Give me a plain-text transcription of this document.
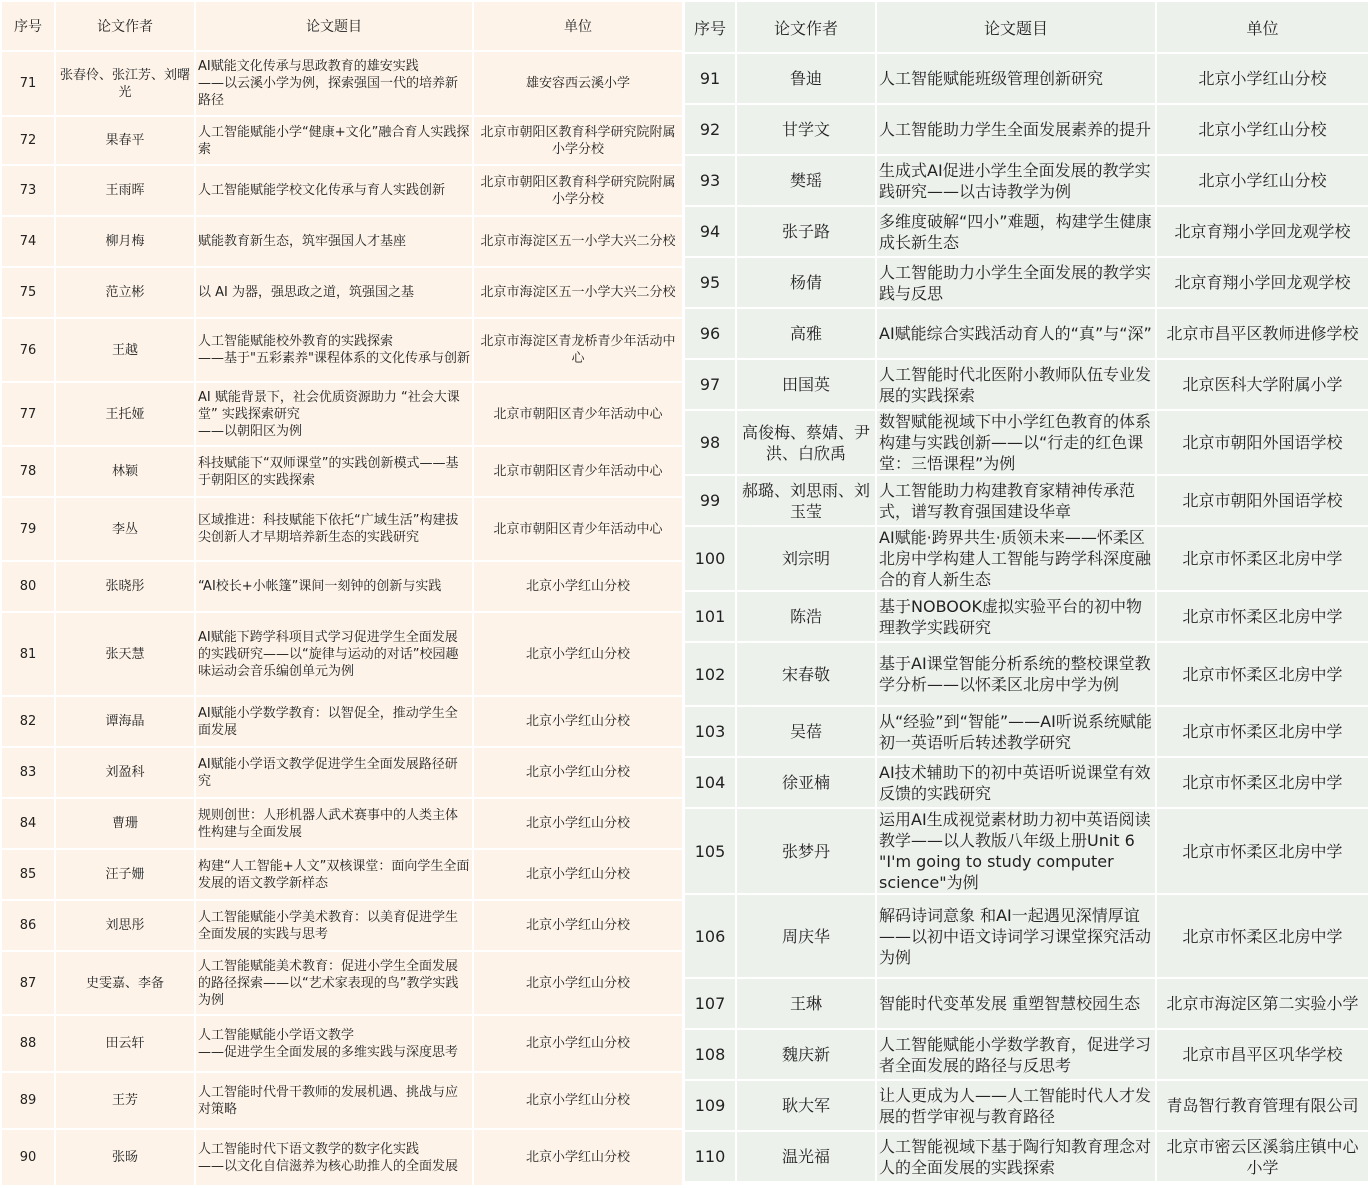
序号	论文作者	论文题目	单位
71	张春伶、张江芳、刘曙光	AI赋能文化传承与思政教育的雄安实践
——以云溪小学为例，探索强国一代的培养新路径	雄安容西云溪小学
72	果春平	人工智能赋能小学“健康+文化”融合育人实践探索	北京市朝阳区教育科学研究院附属小学分校
73	王雨晖	人工智能赋能学校文化传承与育人实践创新	北京市朝阳区教育科学研究院附属小学分校
74	柳月梅	赋能教育新生态，筑牢强国人才基座	北京市海淀区五一小学大兴二分校
75	范立彬	以 AI 为器，强思政之道，筑强国之基	北京市海淀区五一小学大兴二分校
76	王越	人工智能赋能校外教育的实践探索
——基于"五彩素养"课程体系的文化传承与创新	北京市海淀区青龙桥青少年活动中心
77	王托娅	AI 赋能背景下，社会优质资源助力 “社会大课堂” 实践探索研究
——以朝阳区为例	北京市朝阳区青少年活动中心
78	林颖	科技赋能下“双师课堂”的实践创新模式——基于朝阳区的实践探索	北京市朝阳区青少年活动中心
79	李丛	区域推进：科技赋能下依托“广域生活”构建拔尖创新人才早期培养新生态的实践研究	北京市朝阳区青少年活动中心
80	张晓彤	“AI校长+小帐篷”课间一刻钟的创新与实践	北京小学红山分校
81	张天慧	AI赋能下跨学科项目式学习促进学生全面发展的实践研究——以“旋律与运动的对话”校园趣味运动会音乐编创单元为例	北京小学红山分校
82	谭海晶	AI赋能小学数学教育：以智促全，推动学生全面发展	北京小学红山分校
83	刘盈科	AI赋能小学语文教学促进学生全面发展路径研究	北京小学红山分校
84	曹珊	规则创世：人形机器人武术赛事中的人类主体性构建与全面发展	北京小学红山分校
85	汪子姗	构建“人工智能+人文”双核课堂：面向学生全面发展的语文教学新样态	北京小学红山分校
86	刘思彤	人工智能赋能小学美术教育：以美育促进学生全面发展的实践与思考	北京小学红山分校
87	史雯嘉、李备	人工智能赋能美术教育：促进小学生全面发展的路径探索——以“艺术家表现的鸟”教学实践为例	北京小学红山分校
88	田云轩	人工智能赋能小学语文教学
——促进学生全面发展的多维实践与深度思考	北京小学红山分校
89	王芳	人工智能时代骨干教师的发展机遇、挑战与应对策略	北京小学红山分校
90	张旸	人工智能时代下语文教学的数字化实践
——以文化自信滋养为核心助推人的全面发展	北京小学红山分校
序号	论文作者	论文题目	单位
91	鲁迪	人工智能赋能班级管理创新研究	北京小学红山分校
92	甘学文	人工智能助力学生全面发展素养的提升	北京小学红山分校
93	樊瑶	生成式AI促进小学生全面发展的教学实践研究——以古诗教学为例	北京小学红山分校
94	张子路	多维度破解“四小”难题，构建学生健康成长新生态	北京育翔小学回龙观学校
95	杨倩	人工智能助力小学生全面发展的教学实践与反思	北京育翔小学回龙观学校
96	高雅	AI赋能综合实践活动育人的“真”与“深”	北京市昌平区教师进修学校
97	田国英	人工智能时代北医附小教师队伍专业发展的实践探索	北京医科大学附属小学
98	高俊梅、蔡婧、尹洪、白欣禹	数智赋能视域下中小学红色教育的体系构建与实践创新——以“行走的红色课堂：三悟课程”为例	北京市朝阳外国语学校
99	郝璐、刘思雨、刘玉莹	人工智能助力构建教育家精神传承范式，谱写教育强国建设华章	北京市朝阳外国语学校
100	刘宗明	AI赋能·跨界共生·质领未来——怀柔区北房中学构建人工智能与跨学科深度融合的育人新生态	北京市怀柔区北房中学
101	陈浩	基于NOBOOK虚拟实验平台的初中物理教学实践研究	北京市怀柔区北房中学
102	宋春敬	基于AI课堂智能分析系统的整校课堂教学分析——以怀柔区北房中学为例	北京市怀柔区北房中学
103	吴蓓	从“经验”到“智能”——AI听说系统赋能初一英语听后转述教学研究	北京市怀柔区北房中学
104	徐亚楠	AI技术辅助下的初中英语听说课堂有效反馈的实践研究	北京市怀柔区北房中学
105	张梦丹	运用AI生成视觉素材助力初中英语阅读教学——以人教版八年级上册Unit 6 "I'm going to study computer science"为例	北京市怀柔区北房中学
106	周庆华	解码诗词意象 和AI一起遇见深情厚谊
——以初中语文诗词学习课堂探究活动为例	北京市怀柔区北房中学
107	王琳	智能时代变革发展 重塑智慧校园生态	北京市海淀区第二实验小学
108	魏庆新	人工智能赋能小学数学教育，促进学习者全面发展的路径与反思考	北京市昌平区巩华学校
109	耿大军	让人更成为人——人工智能时代人才发展的哲学审视与教育路径	青岛智行教育管理有限公司
110	温光福	人工智能视域下基于陶行知教育理念对人的全面发展的实践探索	北京市密云区溪翁庄镇中心小学
